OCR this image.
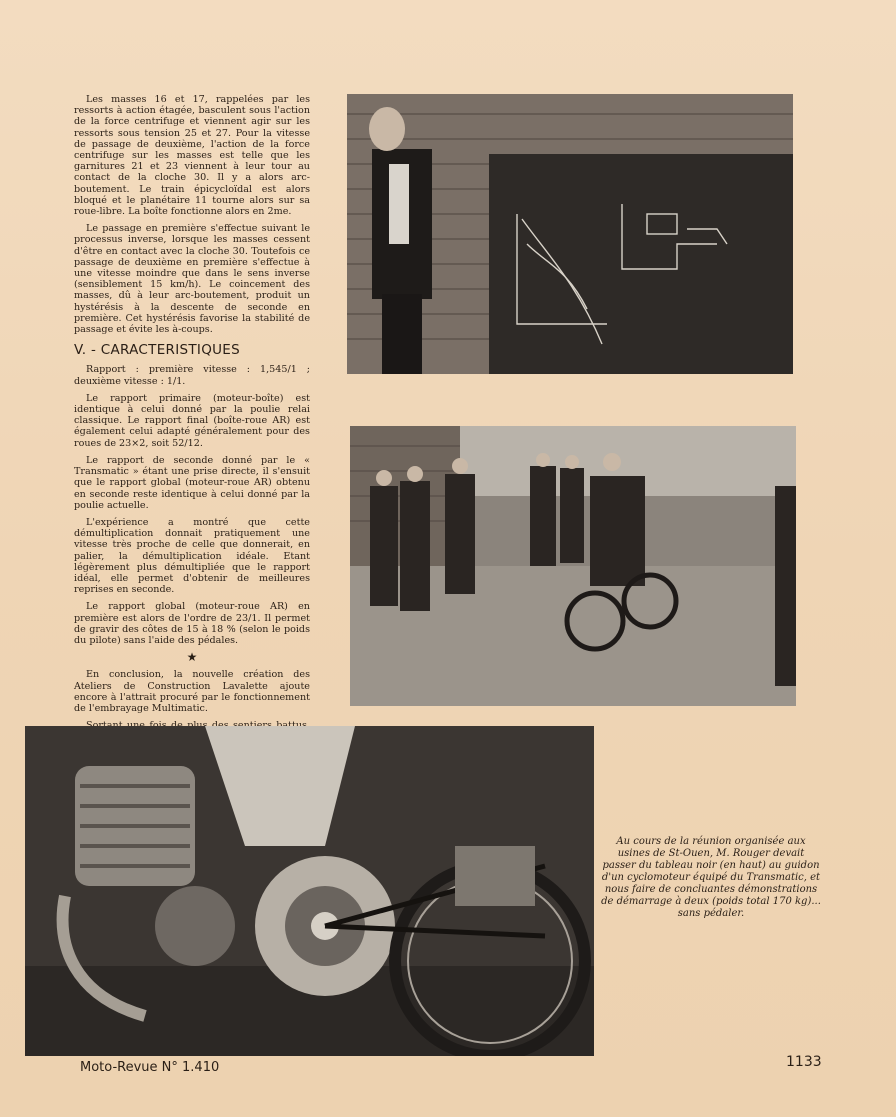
Les masses 16 et 17, rappelées par les ressorts à action étagée, basculent sous l'action de la force centrifuge et viennent agir sur les ressorts sous tension 25 et 27. Pour la vitesse de passage de deuxième, l'action de la force centrifuge sur les masses est telle que les garnitures 21 et 23 viennent à leur tour au contact de la cloche 30. Il y a alors arc-boutement. Le train épicycloïdal est alors bloqué et le planétaire 11 tourne alors sur sa roue-libre. La boîte fonctionne alors en 2me.

Le passage en première s'effectue suivant le processus inverse, lorsque les masses cessent d'être en contact avec la cloche 30. Toutefois ce passage de deuxième en première s'effectue à une vitesse moindre que dans le sens inverse (sensiblement 15 km/h). Le coincement des masses, dû à leur arc-boutement, produit un hystérésis à la descente de seconde en première. Cet hystérésis favorise la stabilité de passage et évite les à-coups.

V. - CARACTERISTIQUES

Rapport : première vitesse : 1,545/1 ; deuxième vitesse : 1/1.

Le rapport primaire (moteur-boîte) est identique à celui donné par la poulie relai classique. Le rapport final (boîte-roue AR) est également celui adapté généralement pour des roues de 23×2, soit 52/12.

Le rapport de seconde donné par le « Transmatic » étant une prise directe, il s'ensuit que le rapport global (moteur-roue AR) obtenu en seconde reste identique à celui donné par la poulie actuelle.

L'expérience a montré que cette démultiplication donnait pratiquement une vitesse très proche de celle que donnerait, en palier, la démultiplication idéale. Etant légèrement plus démultipliée que le rapport idéal, elle permet d'obtenir de meilleures reprises en seconde.

Le rapport global (moteur-roue AR) en première est alors de l'ordre de 23/1. Il permet de gravir des côtes de 15 à 18 % (selon le poids du pilote) sans l'aide des pédales.

★

En conclusion, la nouvelle création des Ateliers de Construction Lavalette ajoute encore à l'attrait procuré par le fonctionnement de l'embrayage Multimatic.

Au cours de la réunion organisée aux usines de St-Ouen, M. Rouger devait passer du tableau noir (en haut) au guidon d'un cyclomoteur équipé du Transmatic, et nous faire de concluantes démonstrations de démarrage à deux (poids total 170 kg)... sans pédaler.
Moto-Revue N° 1.410	1133
